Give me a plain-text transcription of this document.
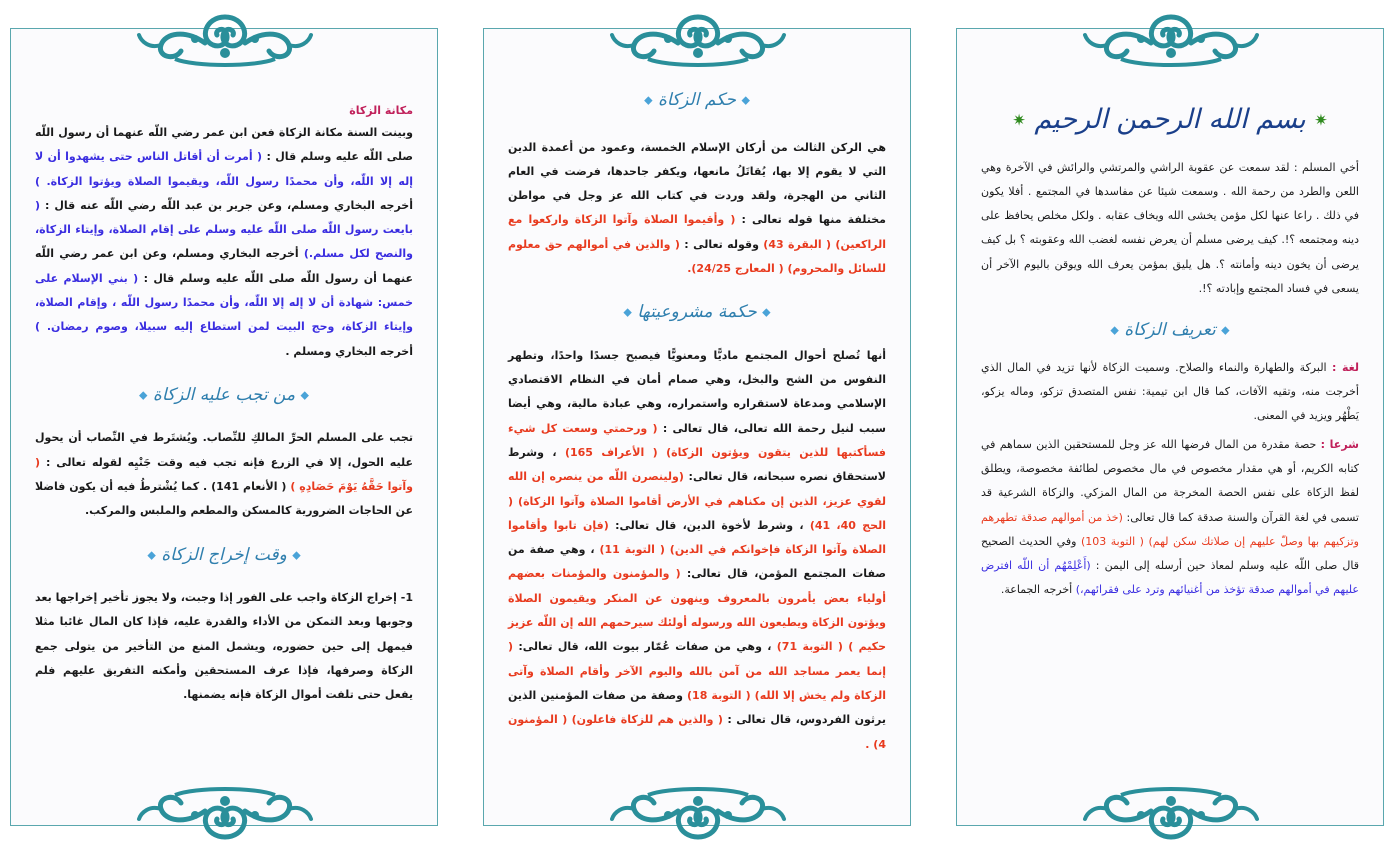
✷ بسم الله الرحمن الرحيم ✷

أخي المسلم : لقد سمعت عن عقوبة الراشي والمرتشي والرائش في الآخرة وهي اللعن والطرد من رحمة الله . وسمعت شيئا عن مفاسدها في المجتمع . أفلا يكون في ذلك . راعا عنها لكل مؤمن يخشى الله ويخاف عقابه . ولكل مخلص يحافظ على دينه ومجتمعه ؟!. كيف يرضى مسلم أن يعرض نفسه لغضب الله وعقوبته ؟ بل كيف يرضى أن يخون دينه وأمانته ؟. هل يليق بمؤمن يعرف الله ويوقن باليوم الآخر أن يسعى في فساد المجتمع وإبادته ؟!.

◆ تعريف الزكاة ◆

لغة : البركة والطهارة والنماء والصلاح. وسميت الزكاة لأنها تزيد في المال الذي أخرجت منه، وتقيه الآفات، كما قال ابن تيمية: نفس المتصدق تزكو، وماله يزكو، يَطْهُر ويزيد في المعنى.

شرعا : حصة مقدرة من المال فرضها الله عز وجل للمستحقين الذين سماهم في كتابه الكريم، أو هي مقدار مخصوص في مال مخصوص لطائفة مخصوصة، ويطلق لفظ الزكاة على نفس الحصة المخرجة من المال المزكي. والزكاة الشرعية قد تسمى في لغة القرآن والسنة صدقة كما قال تعالى: (خذ من أموالهم صدقة تطهرهم وتزكيهم بها وصلّ عليهم إن صلاتك سكن لهم) ( التوبة 103) وفي الحديث الصحيح قال صلى اللّه عليه وسلم لمعاذ حين أرسله إلى اليمن : (أَعْلِمْهُم أن اللّه افترض عليهم في أموالهم صدقة تؤخذ من أغنيائهم وترد على فقرائهم،) أخرجه الجماعة.

◆ حكم الزكاة ◆

هي الركن الثالث من أركان الإسلام الخمسة، وعمود من أعمدة الدين التي لا يقوم إلا بها، يُقاتَلُ مانعها، ويكفر جاحدها، فرضت في العام الثاني من الهجرة، ولقد وردت في كتاب الله عز وجل في مواطن مختلفة منها قوله تعالى : ( وأقيموا الصلاة وآتوا الزكاة واركعوا مع الراكعين) ( البقرة 43) وقوله تعالى : ( والذين في أموالهم حق معلوم للسائل والمحروم) ( المعارج 24/25).

◆ حكمة مشروعيتها ◆

أنها تُصلح أحوال المجتمع ماديًّا ومعنويًّا فيصبح جسدًا واحدًا، وتطهر النفوس من الشح والبخل، وهي صمام أمان في النظام الاقتصادي الإسلامي ومدعاة لاستقراره واستمراره، وهي عبادة مالية، وهي أيضا سبب لنيل رحمة الله تعالى، قال تعالى : ( ورحمتي وسعت كل شيء فسأكتبها للذين يتقون ويؤتون الزكاة) ( الأعراف 165) ، وشرط لاستحقاق نصره سبحانه، قال تعالى: (ولينصرن اللّه من ينصره إن الله لقوي عزيز، الذين إن مكناهم في الأرض أقاموا الصلاة وآتوا الزكاة) ( الحج 40، 41) ، وشرط لأخوة الدين، قال تعالى: (فإن تابوا وأقاموا الصلاة وآتوا الزكاة فإخوانكم في الدين) ( التوبة 11) ، وهي صفة من صفات المجتمع المؤمن، قال تعالى: ( والمؤمنون والمؤمنات بعضهم أولياء بعض يأمرون بالمعروف وينهون عن المنكر ويقيمون الصلاة ويؤتون الزكاة ويطيعون الله ورسوله أولئك سيرحمهم الله إن اللّه عزيز حكيم ) ( التوبة 71) ، وهي من صفات عُمّار بيوت الله، قال تعالى: ( إنما يعمر مساجد الله من آمن بالله واليوم الآخر وأقام الصلاة وآتى الزكاة ولم يخش إلا الله) ( التوبة 18) وصفة من صفات المؤمنين الذين يرثون الفردوس، قال تعالى : ( والذين هم للزكاة فاعلون) ( المؤمنون 4) .

مكانة الزكاة

وبينت السنة مكانة الزكاة فعن ابن عمر رضي اللّه عنهما أن رسول اللّه صلى اللّه عليه وسلم قال : ( أمرت أن أقاتل الناس حتى يشهدوا أن لا إله إلا اللّه، وأن محمدًا رسول اللّه، ويقيموا الصلاة ويؤتوا الزكاة. ) أخرجه البخاري ومسلم، وعن جرير بن عبد اللّه رضي اللّه عنه قال : ( بايعت رسول اللّه صلى اللّه عليه وسلم على إقام الصلاة، وإيتاء الزكاة، والنصح لكل مسلم.) أخرجه البخاري ومسلم، وعن ابن عمر رضي اللّه عنهما أن رسول اللّه صلى اللّه عليه وسلم قال : ( بني الإسلام على خمس: شهادة أن لا إله إلا اللّه، وأن محمدًا رسول اللّه ، وإقام الصلاة، وإيتاء الزكاة، وحج البيت لمن استطاع إليه سبيلا، وصوم رمضان. ) أخرجه البخاري ومسلم .

◆ من تجب عليه الزكاة ◆

تجب على المسلم الحرِّ المالكِ للنِّصاب. ويُشتَرط في النِّصاب أن يحول عليه الحول، إلا في الزرع فإنه تجب فيه وقت جَنْيِه لقوله تعالى : ( وآتوا حَقَّهُ يَوْمَ حَصَادِهِ ) ( الأنعام 141) . كما يُشْترطُ فيه أن يكون فاضلا عن الحاجات الضرورية كالمسكن والمطعم والملبس والمركب.

◆ وقت إخراج الزكاة ◆

1- إخراج الزكاة واجب على الفور إذا وجبت، ولا يجوز تأخير إخراجها بعد وجوبها وبعد التمكن من الأداء والقدرة عليه، فإذا كان المال غائبا مثلا فيمهل إلى حين حضوره، ويشمل المنع من التأخير من يتولى جمع الزكاة وصرفها، فإذا عرف المستحقين وأمكنه التفريق عليهم فلم يفعل حتى تلفت أموال الزكاة فإنه يضمنها.
